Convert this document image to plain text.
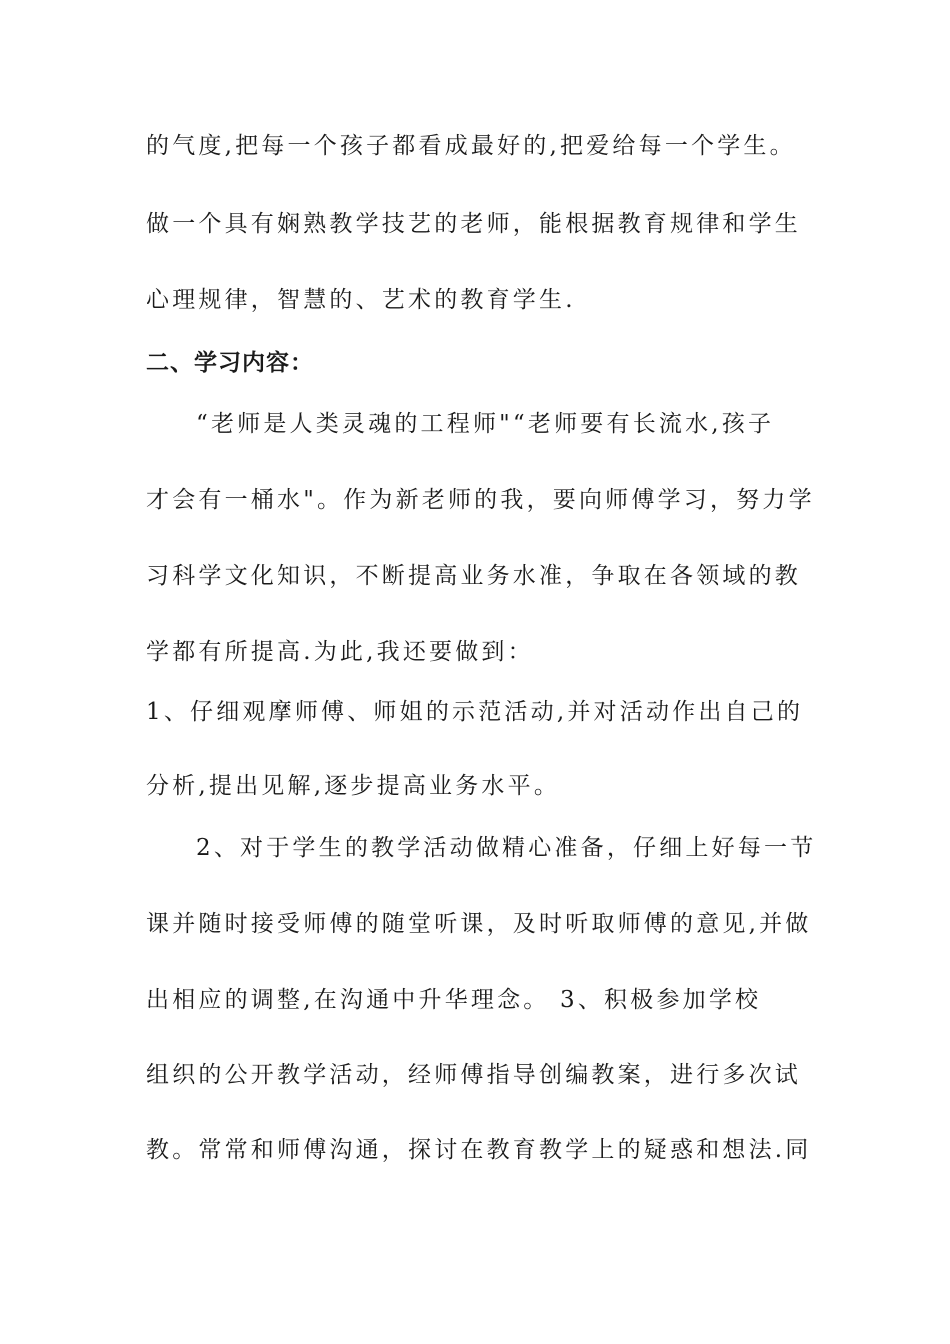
的气度,把每一个孩子都看成最好的,把爱给每一个学生。
做一个具有娴熟教学技艺的老师，能根据教育规律和学生
心理规律，智慧的、艺术的教育学生.
二、学习内容：
“老师是人类灵魂的工程师"“老师要有长流水,孩子
才会有一桶水"。作为新老师的我，要向师傅学习，努力学
习科学文化知识，不断提高业务水准，争取在各领域的教
学都有所提高.为此,我还要做到：
1、仔细观摩师傅、师姐的示范活动,并对活动作出自己的
分析,提出见解,逐步提高业务水平。
2、对于学生的教学活动做精心准备，仔细上好每一节
课并随时接受师傅的随堂听课，及时听取师傅的意见,并做
出相应的调整,在沟通中升华理念。 3、积极参加学校
组织的公开教学活动，经师傅指导创编教案，进行多次试
教。常常和师傅沟通，探讨在教育教学上的疑惑和想法.同
